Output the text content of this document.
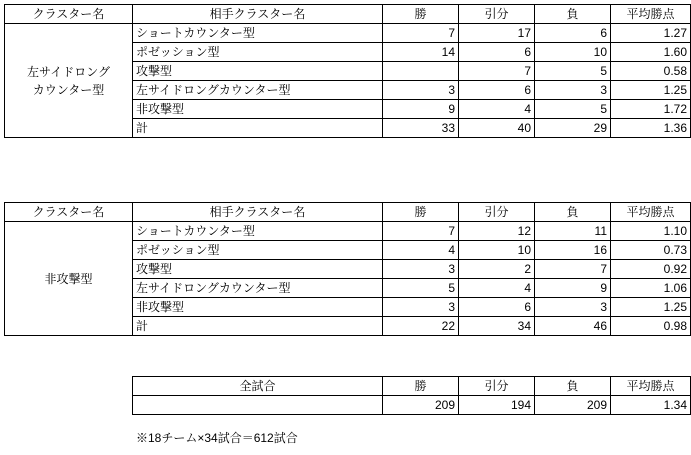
クラスター名	相手クラスター名	勝	引分	負	平均勝点

左サイドロング
カウンター型	ショートカウンター型	7	17	6	1.27
	ポゼッション型	14	6	10	1.60
	攻撃型		7	5	0.58
	左サイドロングカウンター型	3	6	3	1.25
	非攻撃型	9	4	5	1.72
	計	33	40	29	1.36
クラスター名	相手クラスター名	勝	引分	負	平均勝点

非攻撃型	ショートカウンター型	7	12	11	1.10
	ポゼッション型	4	10	16	0.73
	攻撃型	3	2	7	0.92
	左サイドロングカウンター型	5	4	9	1.06
	非攻撃型	3	6	3	1.25
	計	22	34	46	0.98
全試合	勝	引分	負	平均勝点
	209	194	209	1.34
※18チーム×34試合＝612試合
